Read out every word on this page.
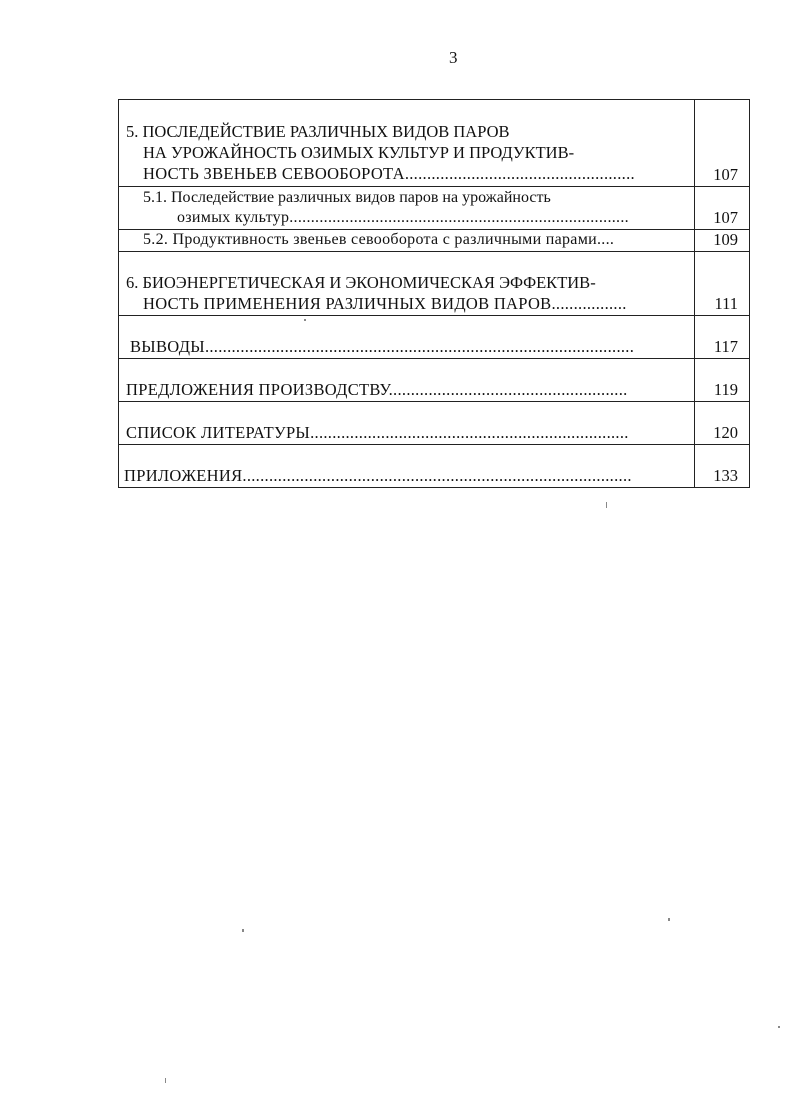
3
5. ПОСЛЕДЕЙСТВИЕ РАЗЛИЧНЫХ ВИДОВ ПАРОВ
НА УРОЖАЙНОСТЬ ОЗИМЫХ КУЛЬТУР И ПРОДУКТИВ-
НОСТЬ ЗВЕНЬЕВ СЕВООБОРОТА....................................................	107
5.1. Последействие различных видов паров на урожайность
озимых культур...............................................................................	107
5.2. Продуктивность звеньев севооборота с различными парами....	109
6. БИОЭНЕРГЕТИЧЕСКАЯ И ЭКОНОМИЧЕСКАЯ ЭФФЕКТИВ-
НОСТЬ ПРИМЕНЕНИЯ РАЗЛИЧНЫХ ВИДОВ ПАРОВ.................	111
ВЫВОДЫ.................................................................................................	117
ПРЕДЛОЖЕНИЯ ПРОИЗВОДСТВУ......................................................	119
СПИСОК ЛИТЕРАТУРЫ........................................................................	120
ПРИЛОЖЕНИЯ........................................................................................	133
